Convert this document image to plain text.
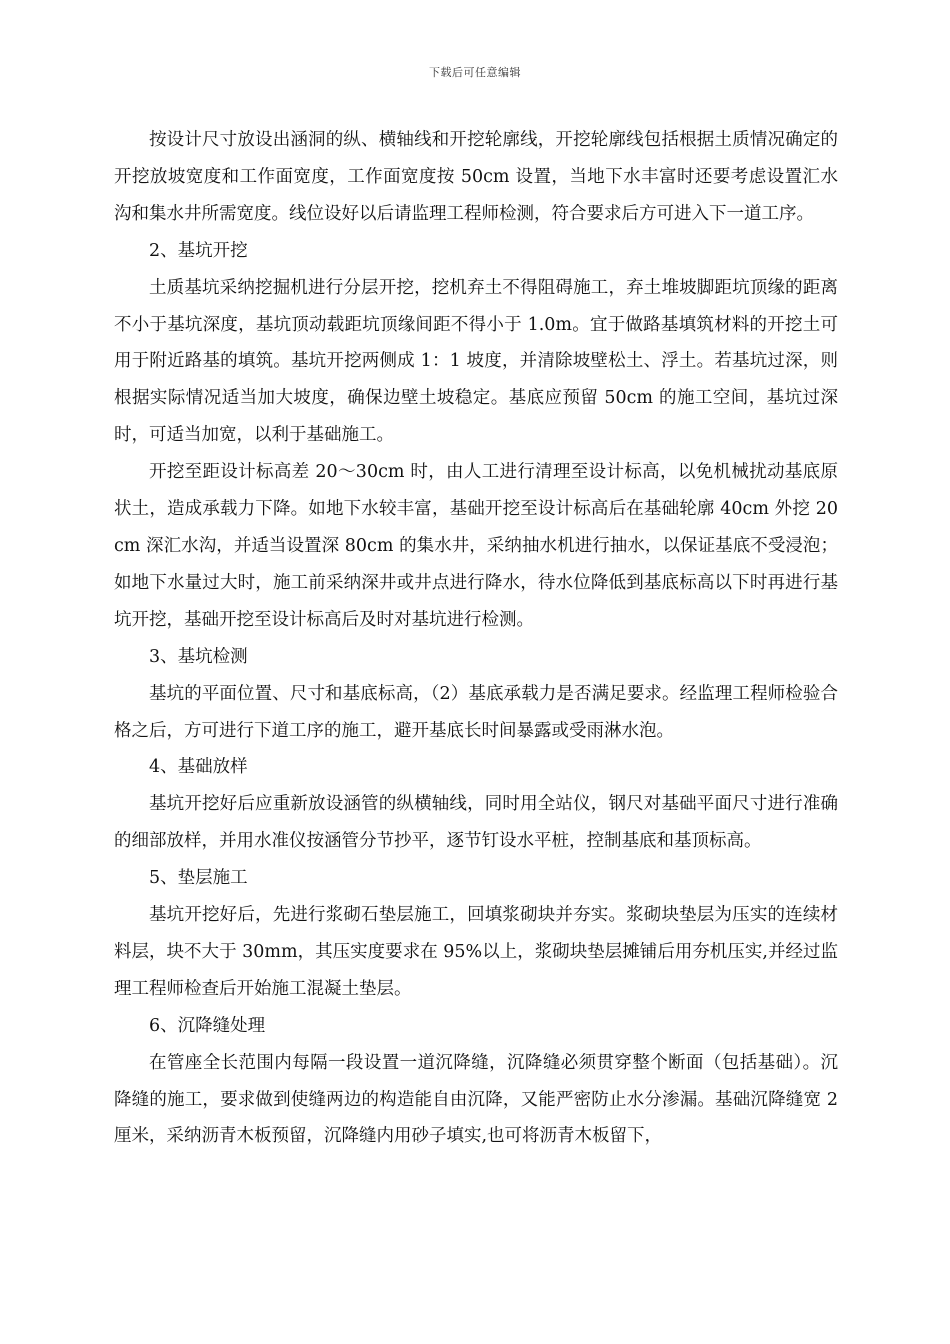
下载后可任意编辑

按设计尺寸放设出涵洞的纵、横轴线和开挖轮廓线，开挖轮廓线包括根据土质情况确定的开挖放坡宽度和工作面宽度，工作面宽度按 50cm 设置，当地下水丰富时还要考虑设置汇水沟和集水井所需宽度。线位设好以后请监理工程师检测，符合要求后方可进入下一道工序。

2、基坑开挖

土质基坑采纳挖掘机进行分层开挖，挖机弃土不得阻碍施工，弃土堆坡脚距坑顶缘的距离不小于基坑深度，基坑顶动载距坑顶缘间距不得小于 1.0m。宜于做路基填筑材料的开挖土可用于附近路基的填筑。基坑开挖两侧成 1：1 坡度，并清除坡壁松土、浮土。若基坑过深，则根据实际情况适当加大坡度，确保边壁土坡稳定。基底应预留 50cm 的施工空间，基坑过深时，可适当加宽，以利于基础施工。

开挖至距设计标高差 20～30cm 时，由人工进行清理至设计标高，以免机械扰动基底原状土，造成承载力下降。如地下水较丰富，基础开挖至设计标高后在基础轮廓 40cm 外挖 20cm 深汇水沟，并适当设置深 80cm 的集水井，采纳抽水机进行抽水，以保证基底不受浸泡；如地下水量过大时，施工前采纳深井或井点进行降水，待水位降低到基底标高以下时再进行基坑开挖，基础开挖至设计标高后及时对基坑进行检测。

3、基坑检测

基坑的平面位置、尺寸和基底标高，（2）基底承载力是否满足要求。经监理工程师检验合格之后，方可进行下道工序的施工，避开基底长时间暴露或受雨淋水泡。

4、基础放样

基坑开挖好后应重新放设涵管的纵横轴线，同时用全站仪，钢尺对基础平面尺寸进行准确的细部放样，并用水准仪按涵管分节抄平，逐节钉设水平桩，控制基底和基顶标高。

5、垫层施工

基坑开挖好后，先进行浆砌石垫层施工，回填浆砌块并夯实。浆砌块垫层为压实的连续材料层，块不大于 30mm，其压实度要求在 95%以上，浆砌块垫层摊铺后用夯机压实,并经过监理工程师检查后开始施工混凝土垫层。

6、沉降缝处理

在管座全长范围内每隔一段设置一道沉降缝，沉降缝必须贯穿整个断面（包括基础）。沉降缝的施工，要求做到使缝两边的构造能自由沉降，又能严密防止水分渗漏。基础沉降缝宽 2 厘米，采纳沥青木板预留，沉降缝内用砂子填实,也可将沥青木板留下，
